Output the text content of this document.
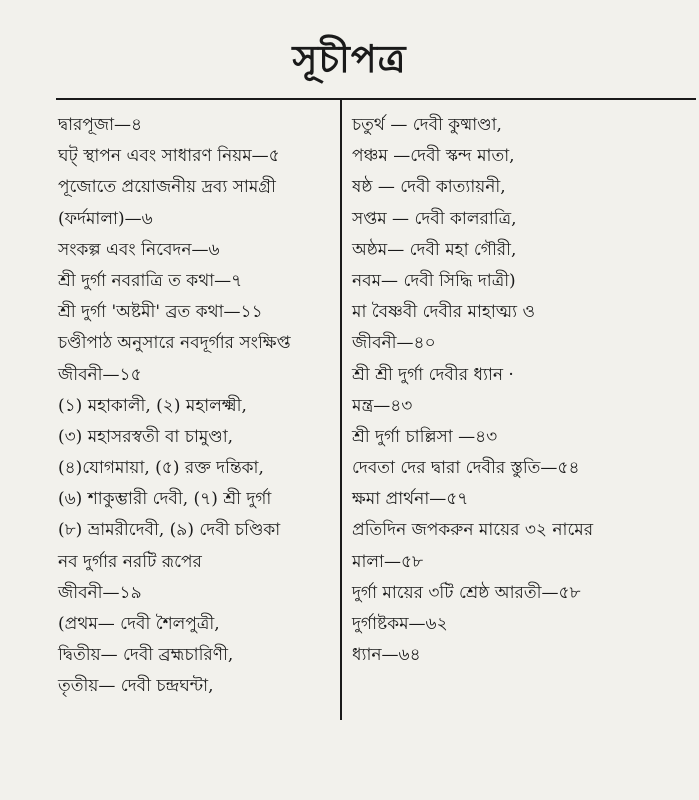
সূচীপত্র
দ্বারপূজা—৪
ঘট্ স্থাপন এবং সাধারণ নিয়ম—৫
পূজোতে প্রয়োজনীয় দ্রব্য সামগ্রী
(ফর্দমালা)—৬
সংকল্প এবং নিবেদন—৬
শ্রী দুর্গা নবরাত্রি ত কথা—৭
শ্রী দুর্গা 'অষ্টমী' ব্রত কথা—১১
চণ্ডীপাঠ অনুসারে নবদূর্গার সংক্ষিপ্ত
জীবনী—১৫
(১) মহাকালী, (২) মহালক্ষ্মী,
(৩) মহাসরস্বতী বা চামুণ্ডা,
(৪)যোগমায়া, (৫) রক্ত দন্তিকা,
(৬) শাকুম্ভারী দেবী, (৭) শ্রী দুর্গা
(৮) ভ্রামরীদেবী, (৯) দেবী চণ্ডিকা
নব দুর্গার নরটি রূপের
জীবনী—১৯
(প্রথম— দেবী শৈলপুত্রী,
দ্বিতীয়— দেবী ব্রহ্মচারিণী,
তৃতীয়— দেবী চন্দ্রঘন্টা,
চতুর্থ — দেবী কুষ্মাণ্ডা,
পঞ্চম —দেবী স্কন্দ মাতা,
ষষ্ঠ — দেবী কাত্যায়নী,
সপ্তম — দেবী কালরাত্রি,
অষ্ঠম— দেবী মহা গৌরী,
নবম— দেবী সিদ্ধি দাত্রী)
মা বৈষ্ণবী দেবীর মাহাত্ম্য ও
জীবনী—৪০
শ্রী শ্রী দুর্গা দেবীর ধ্যান ·
মন্ত্র—৪৩
শ্রী দুর্গা চাল্লিসা —৪৩
দেবতা দের দ্বারা দেবীর স্তুতি—৫৪
ক্ষমা প্রার্থনা—৫৭
প্রতিদিন জপকরুন মায়ের ৩২ নামের
মালা—৫৮
দুর্গা মায়ের ৩টি শ্রেষ্ঠ আরতী—৫৮
দুর্গাষ্টকম—৬২
ধ্যান—৬৪
